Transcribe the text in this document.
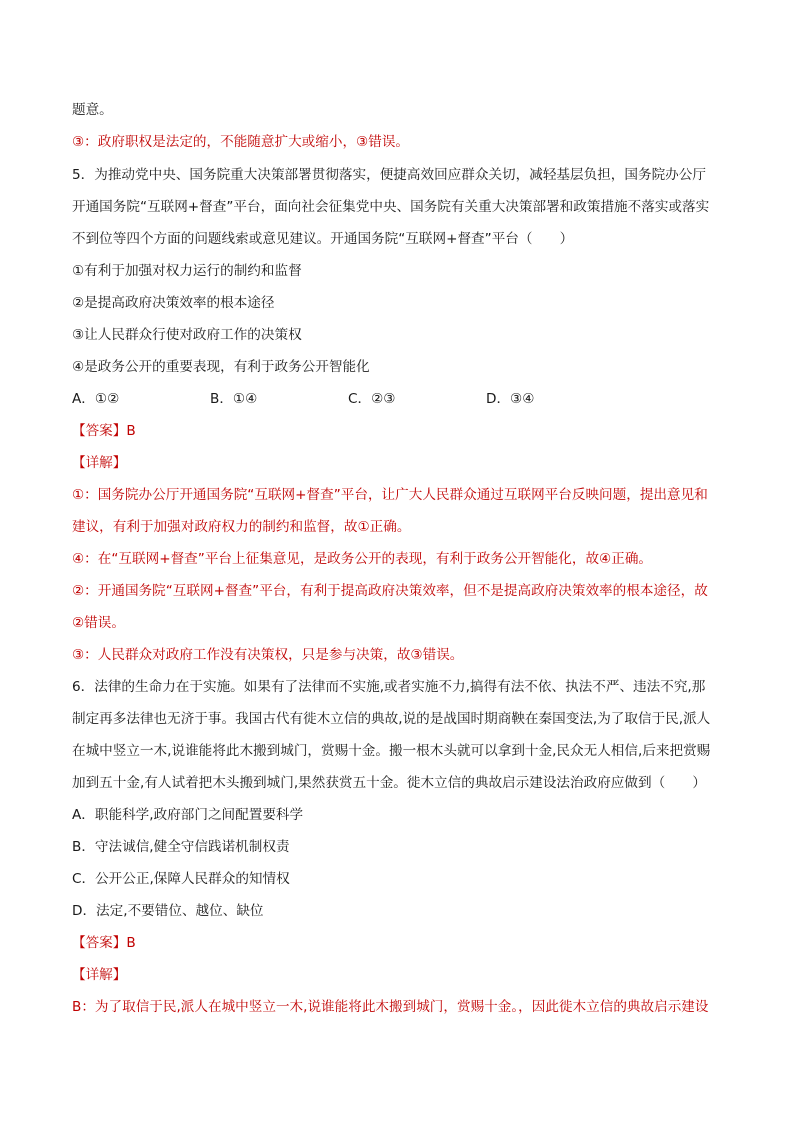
题意。
③：政府职权是法定的，不能随意扩大或缩小，③错误。
5．为推动党中央、国务院重大决策部署贯彻落实，便捷高效回应群众关切，减轻基层负担，国务院办公厅
开通国务院“互联网+督查”平台，面向社会征集党中央、国务院有关重大决策部署和政策措施不落实或落实
不到位等四个方面的问题线索或意见建议。开通国务院“互联网+督查”平台（　　）
①有利于加强对权力运行的制约和监督
②是提高政府决策效率的根本途径
③让人民群众行使对政府工作的决策权
④是政务公开的重要表现，有利于政务公开智能化
A．①②	B．①④	C．②③	D．③④
【答案】B
【详解】
①：国务院办公厅开通国务院“互联网+督查”平台，让广大人民群众通过互联网平台反映问题，提出意见和
建议，有利于加强对政府权力的制约和监督，故①正确。
④：在“互联网+督查”平台上征集意见，是政务公开的表现，有利于政务公开智能化，故④正确。
②：开通国务院“互联网+督查”平台，有利于提高政府决策效率，但不是提高政府决策效率的根本途径，故
②错误。
③：人民群众对政府工作没有决策权，只是参与决策，故③错误。
6．法律的生命力在于实施。如果有了法律而不实施,或者实施不力,搞得有法不依、执法不严、违法不究,那
制定再多法律也无济于事。我国古代有徙木立信的典故,说的是战国时期商鞅在秦国变法,为了取信于民,派人
在城中竖立一木,说谁能将此木搬到城门，赏赐十金。搬一根木头就可以拿到十金,民众无人相信,后来把赏赐
加到五十金,有人试着把木头搬到城门,果然获赏五十金。徙木立信的典故启示建设法治政府应做到（　　）
A．职能科学,政府部门之间配置要科学
B．守法诚信,健全守信践诺机制权责
C．公开公正,保障人民群众的知情权
D．法定,不要错位、越位、缺位
【答案】B
【详解】
B：为了取信于民,派人在城中竖立一木,说谁能将此木搬到城门，赏赐十金。，因此徙木立信的典故启示建设
